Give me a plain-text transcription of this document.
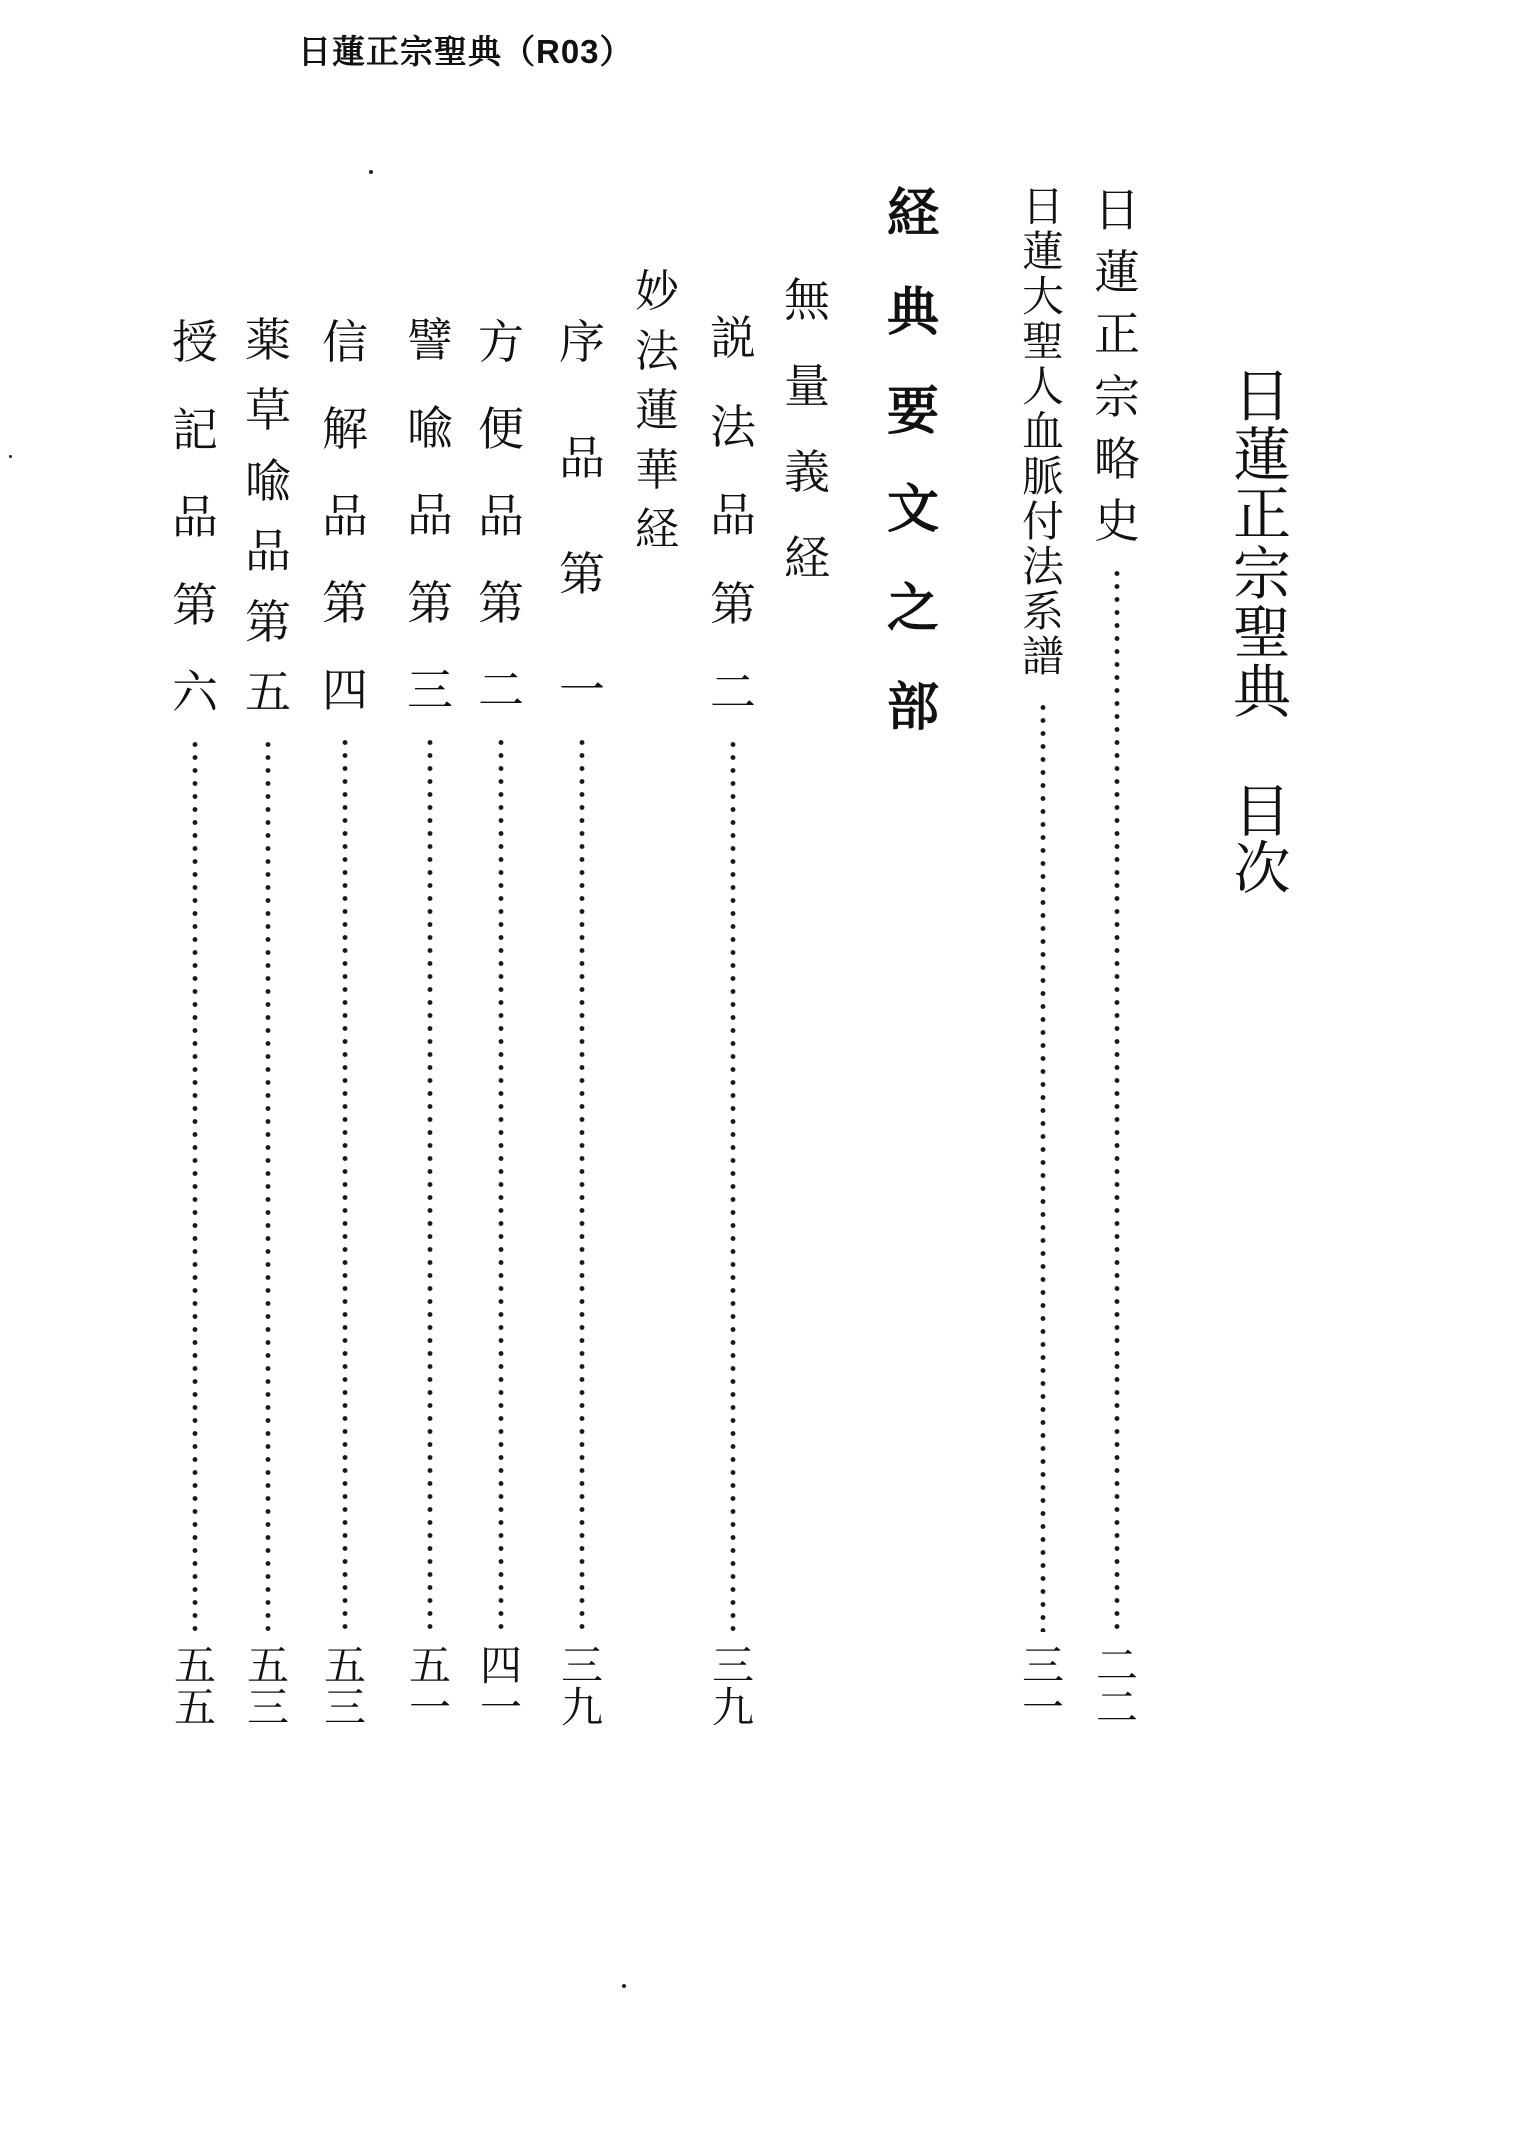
日蓮正宗聖典（R03）
日
蓮
正
宗
聖
典
目
次
日
蓮
正
宗
略
史
二
二
日
蓮
大
聖
人
血
脈
付
法
系
譜
三
一
経
典
要
文
之
部
無
量
義
経
説
法
品
第
二
三
九
妙
法
蓮
華
経
序
品
第
一
三
九
方
便
品
第
二
四
一
譬
喩
品
第
三
五
一
信
解
品
第
四
五
三
薬
草
喩
品
第
五
五
三
授
記
品
第
六
五
五
